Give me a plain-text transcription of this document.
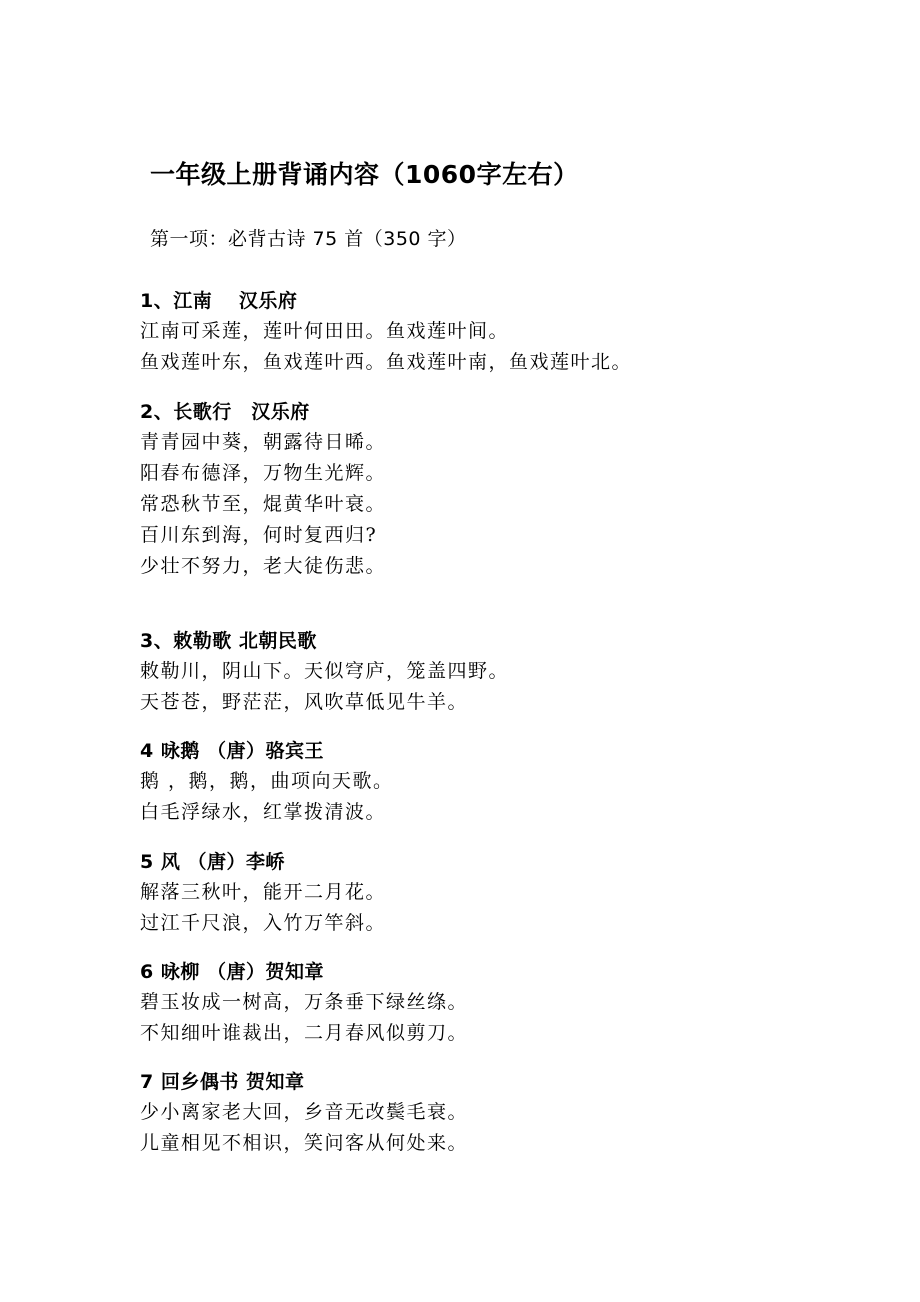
一年级上册背诵内容（1060字左右）
第一项：必背古诗 75 首（350 字）
1、江南　 汉乐府
江南可采莲，莲叶何田田。鱼戏莲叶间。
鱼戏莲叶东，鱼戏莲叶西。鱼戏莲叶南，鱼戏莲叶北。
2、长歌行　汉乐府
青青园中葵，朝露待日晞。
阳春布德泽，万物生光辉。
常恐秋节至，焜黄华叶衰。
百川东到海，何时复西归?
少壮不努力，老大徒伤悲。
3、敕勒歌 北朝民歌
敕勒川，阴山下。天似穹庐，笼盖四野。
天苍苍，野茫茫，风吹草低见牛羊。
4 咏鹅 （唐）骆宾王
鹅 ，鹅，鹅，曲项向天歌。
白毛浮绿水，红掌拨清波。
5 风 （唐）李峤
解落三秋叶，能开二月花。
过江千尺浪，入竹万竿斜。
6 咏柳 （唐）贺知章
碧玉妆成一树高，万条垂下绿丝绦。
不知细叶谁裁出，二月春风似剪刀。
7 回乡偶书 贺知章
少小离家老大回，乡音无改鬓毛衰。
儿童相见不相识，笑问客从何处来。
